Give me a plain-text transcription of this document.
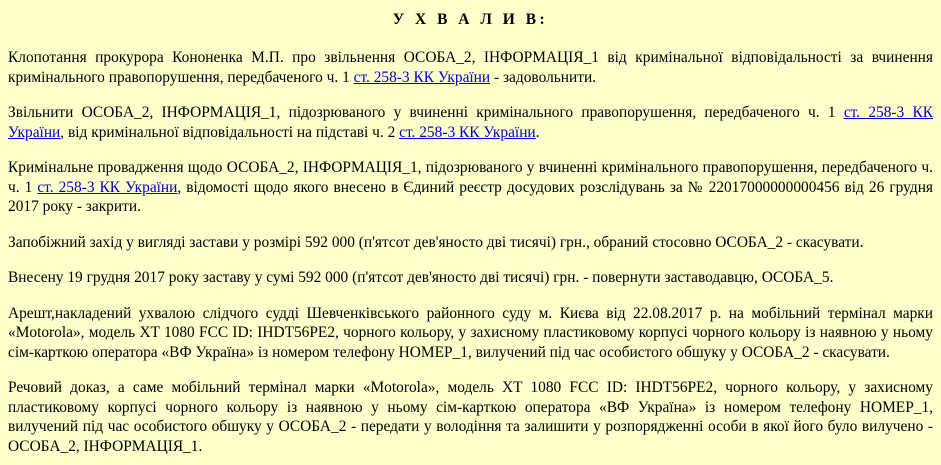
У Х В А Л И В:

Клопотання прокурора Кононенка М.П. про звільнення ОСОБА_2, ІНФОРМАЦІЯ_1 від кримінальної відповідальності за вчинення кримінального правопорушення, передбаченого ч. 1 ст. 258-3 КК України - задовольнити.

Звільнити ОСОБА_2, ІНФОРМАЦІЯ_1, підозрюваного у вчиненні кримінального правопорушення, передбаченого ч. 1 ст. 258-3 КК України, від кримінальної відповідальності на підставі ч. 2 ст. 258-3 КК України.

Кримінальне провадження щодо ОСОБА_2, ІНФОРМАЦІЯ_1, підозрюваного у вчиненні кримінального правопорушення, передбаченого ч. ч. 1 ст. 258-3 КК України, відомості щодо якого внесено в Єдиний реєстр досудових розслідувань за № 22017000000000456 від 26 грудня 2017 року - закрити.

Запобіжний захід у вигляді застави у розмірі 592 000 (п'ятсот дев'яносто дві тисячі) грн., обраний стосовно ОСОБА_2 - скасувати.

Внесену 19 грудня 2017 року заставу у сумі 592 000 (п'ятсот дев'яносто дві тисячі) грн. - повернути заставодавцю, ОСОБА_5.

Арешт,накладений ухвалою слідчого судді Шевченківського районного суду м. Києва від 22.08.2017 р. на мобільний термінал марки «Motorola», модель XT 1080 FCC ID: IHDT56PE2, чорного кольору, у захисному пластиковому корпусі чорного кольору із наявною у ньому сім-карткою оператора «ВФ Україна» із номером телефону НОМЕР_1, вилучений під час особистого обшуку у ОСОБА_2 - скасувати.

Речовий доказ, а саме мобільний термінал марки «Motorola», модель XT 1080 FCC ID: IHDT56PE2, чорного кольору, у захисному пластиковому корпусі чорного кольору із наявною у ньому сім-карткою оператора «ВФ Україна» із номером телефону НОМЕР_1, вилучений під час особистого обшуку у ОСОБА_2 - передати у володіння та залишити у розпорядженні особи в якої його було вилучено - ОСОБА_2, ІНФОРМАЦІЯ_1.
